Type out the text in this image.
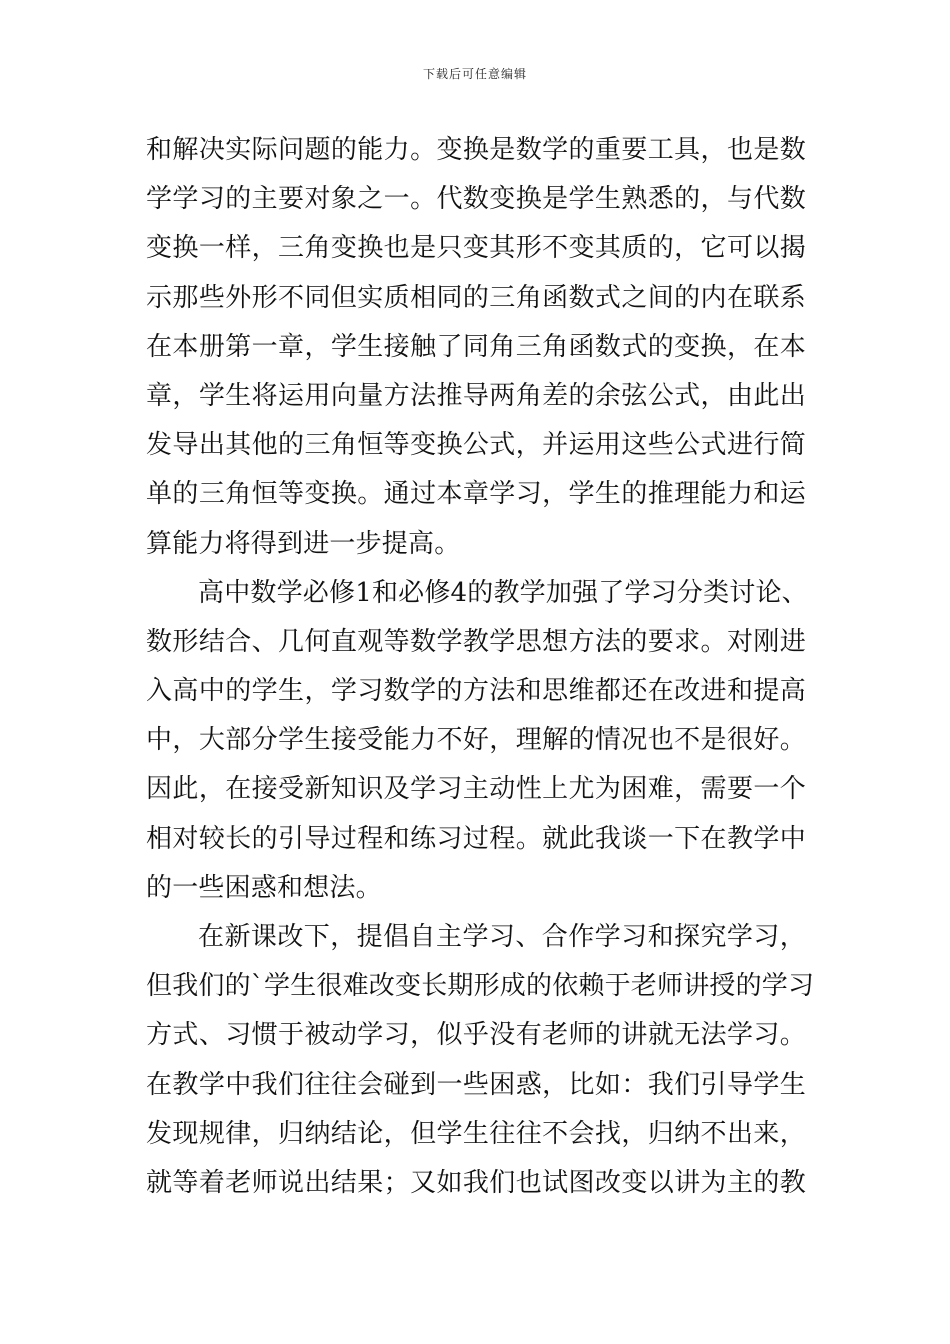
下载后可任意编辑
和解决实际问题的能力。变换是数学的重要工具，也是数
学学习的主要对象之一。代数变换是学生熟悉的，与代数
变换一样，三角变换也是只变其形不变其质的，它可以揭
示那些外形不同但实质相同的三角函数式之间的内在联系
在本册第一章，学生接触了同角三角函数式的变换，在本
章，学生将运用向量方法推导两角差的余弦公式，由此出
发导出其他的三角恒等变换公式，并运用这些公式进行简
单的三角恒等变换。通过本章学习，学生的推理能力和运
算能力将得到进一步提高。
高中数学必修1和必修4的教学加强了学习分类讨论、
数形结合、几何直观等数学教学思想方法的要求。对刚进
入高中的学生，学习数学的方法和思维都还在改进和提高
中，大部分学生接受能力不好，理解的情况也不是很好。
因此，在接受新知识及学习主动性上尤为困难，需要一个
相对较长的引导过程和练习过程。就此我谈一下在教学中
的一些困惑和想法。
在新课改下，提倡自主学习、合作学习和探究学习，
但我们的`学生很难改变长期形成的依赖于老师讲授的学习
方式、习惯于被动学习，似乎没有老师的讲就无法学习。
在教学中我们往往会碰到一些困惑，比如：我们引导学生
发现规律，归纳结论，但学生往往不会找，归纳不出来，
就等着老师说出结果；又如我们也试图改变以讲为主的教
